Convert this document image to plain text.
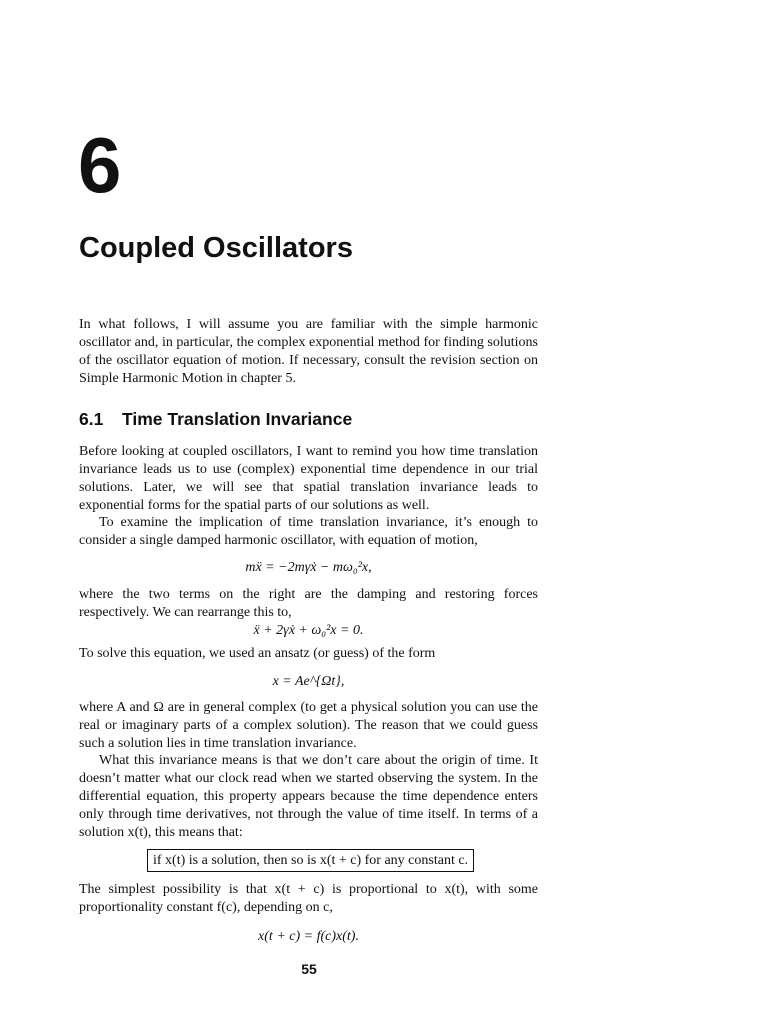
6
Coupled Oscillators

In what follows, I will assume you are familiar with the simple harmonic oscillator and, in particular, the complex exponential method for finding solutions of the oscillator equation of motion. If necessary, consult the revision section on Simple Harmonic Motion in chapter 5.

6.1 Time Translation Invariance

Before looking at coupled oscillators, I want to remind you how time translation invariance leads us to use (complex) exponential time dependence in our trial solutions. Later, we will see that spatial translation invariance leads to exponential forms for the spatial parts of our solutions as well.

To examine the implication of time translation invariance, it’s enough to consider a single damped harmonic oscillator, with equation of motion,

mẍ = −2mγẋ − mω₀²x,

where the two terms on the right are the damping and restoring forces respectively. We can rearrange this to,

ẍ + 2γẋ + ω₀²x = 0.

To solve this equation, we used an ansatz (or guess) of the form

x = Ae^{Ωt},

where A and Ω are in general complex (to get a physical solution you can use the real or imaginary parts of a complex solution). The reason that we could guess such a solution lies in time translation invariance.

What this invariance means is that we don’t care about the origin of time. It doesn’t matter what our clock read when we started observing the system. In the differential equation, this property appears because the time dependence enters only through time derivatives, not through the value of time itself. In terms of a solution x(t), this means that:

if x(t) is a solution, then so is x(t + c) for any constant c.

The simplest possibility is that x(t + c) is proportional to x(t), with some proportionality constant f(c), depending on c,

x(t + c) = f(c)x(t).
55
